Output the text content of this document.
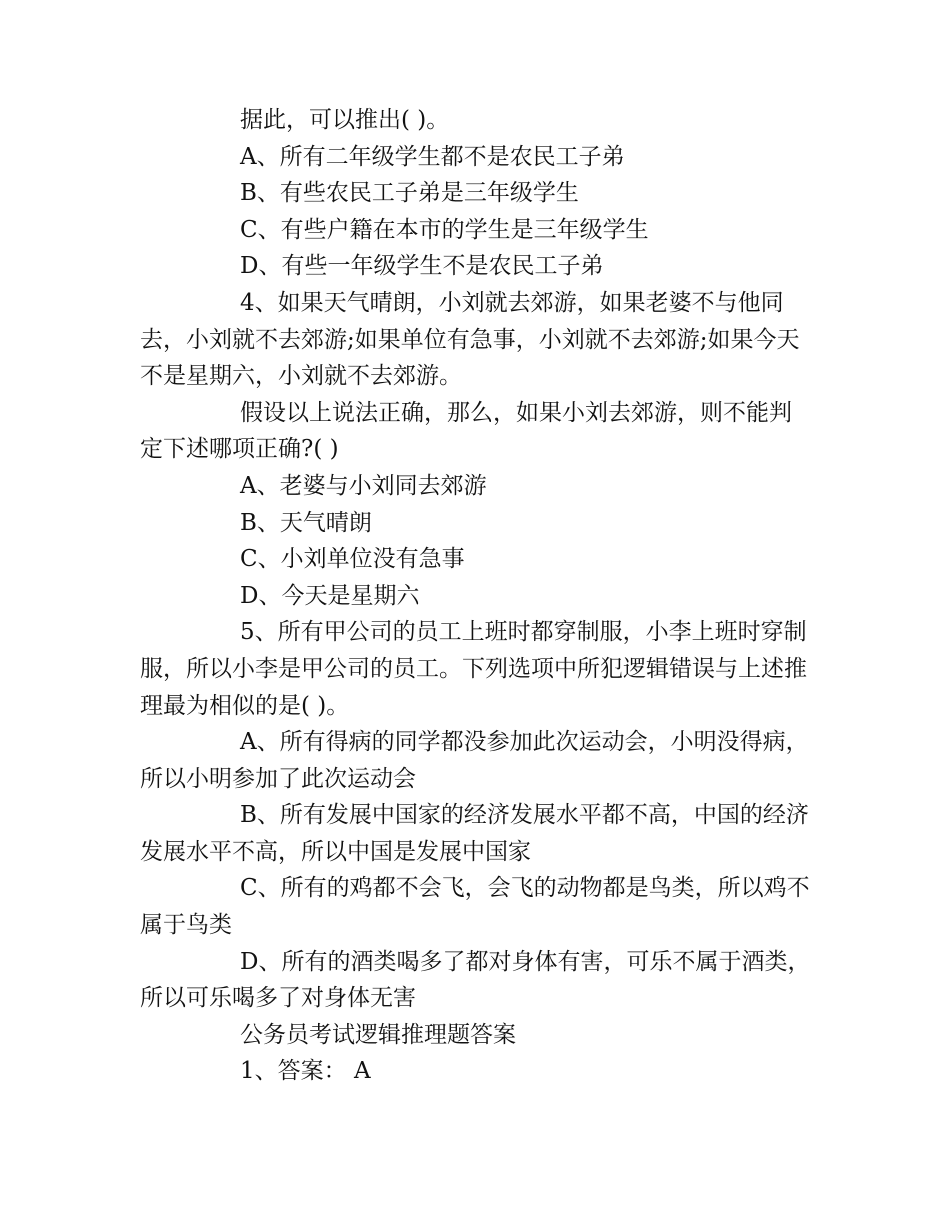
据此，可以推出( )。

A、所有二年级学生都不是农民工子弟

B、有些农民工子弟是三年级学生

C、有些户籍在本市的学生是三年级学生

D、有些一年级学生不是农民工子弟

4、如果天气晴朗，小刘就去郊游，如果老婆不与他同去，小刘就不去郊游;如果单位有急事，小刘就不去郊游;如果今天不是星期六，小刘就不去郊游。

假设以上说法正确，那么，如果小刘去郊游，则不能判定下述哪项正确?( )

A、老婆与小刘同去郊游

B、天气晴朗

C、小刘单位没有急事

D、今天是星期六

5、所有甲公司的员工上班时都穿制服，小李上班时穿制服，所以小李是甲公司的员工。下列选项中所犯逻辑错误与上述推理最为相似的是( )。

A、所有得病的同学都没参加此次运动会，小明没得病，所以小明参加了此次运动会

B、所有发展中国家的经济发展水平都不高，中国的经济发展水平不高，所以中国是发展中国家

C、所有的鸡都不会飞，会飞的动物都是鸟类，所以鸡不属于鸟类

D、所有的酒类喝多了都对身体有害，可乐不属于酒类，所以可乐喝多了对身体无害

公务员考试逻辑推理题答案

1、答案： A
